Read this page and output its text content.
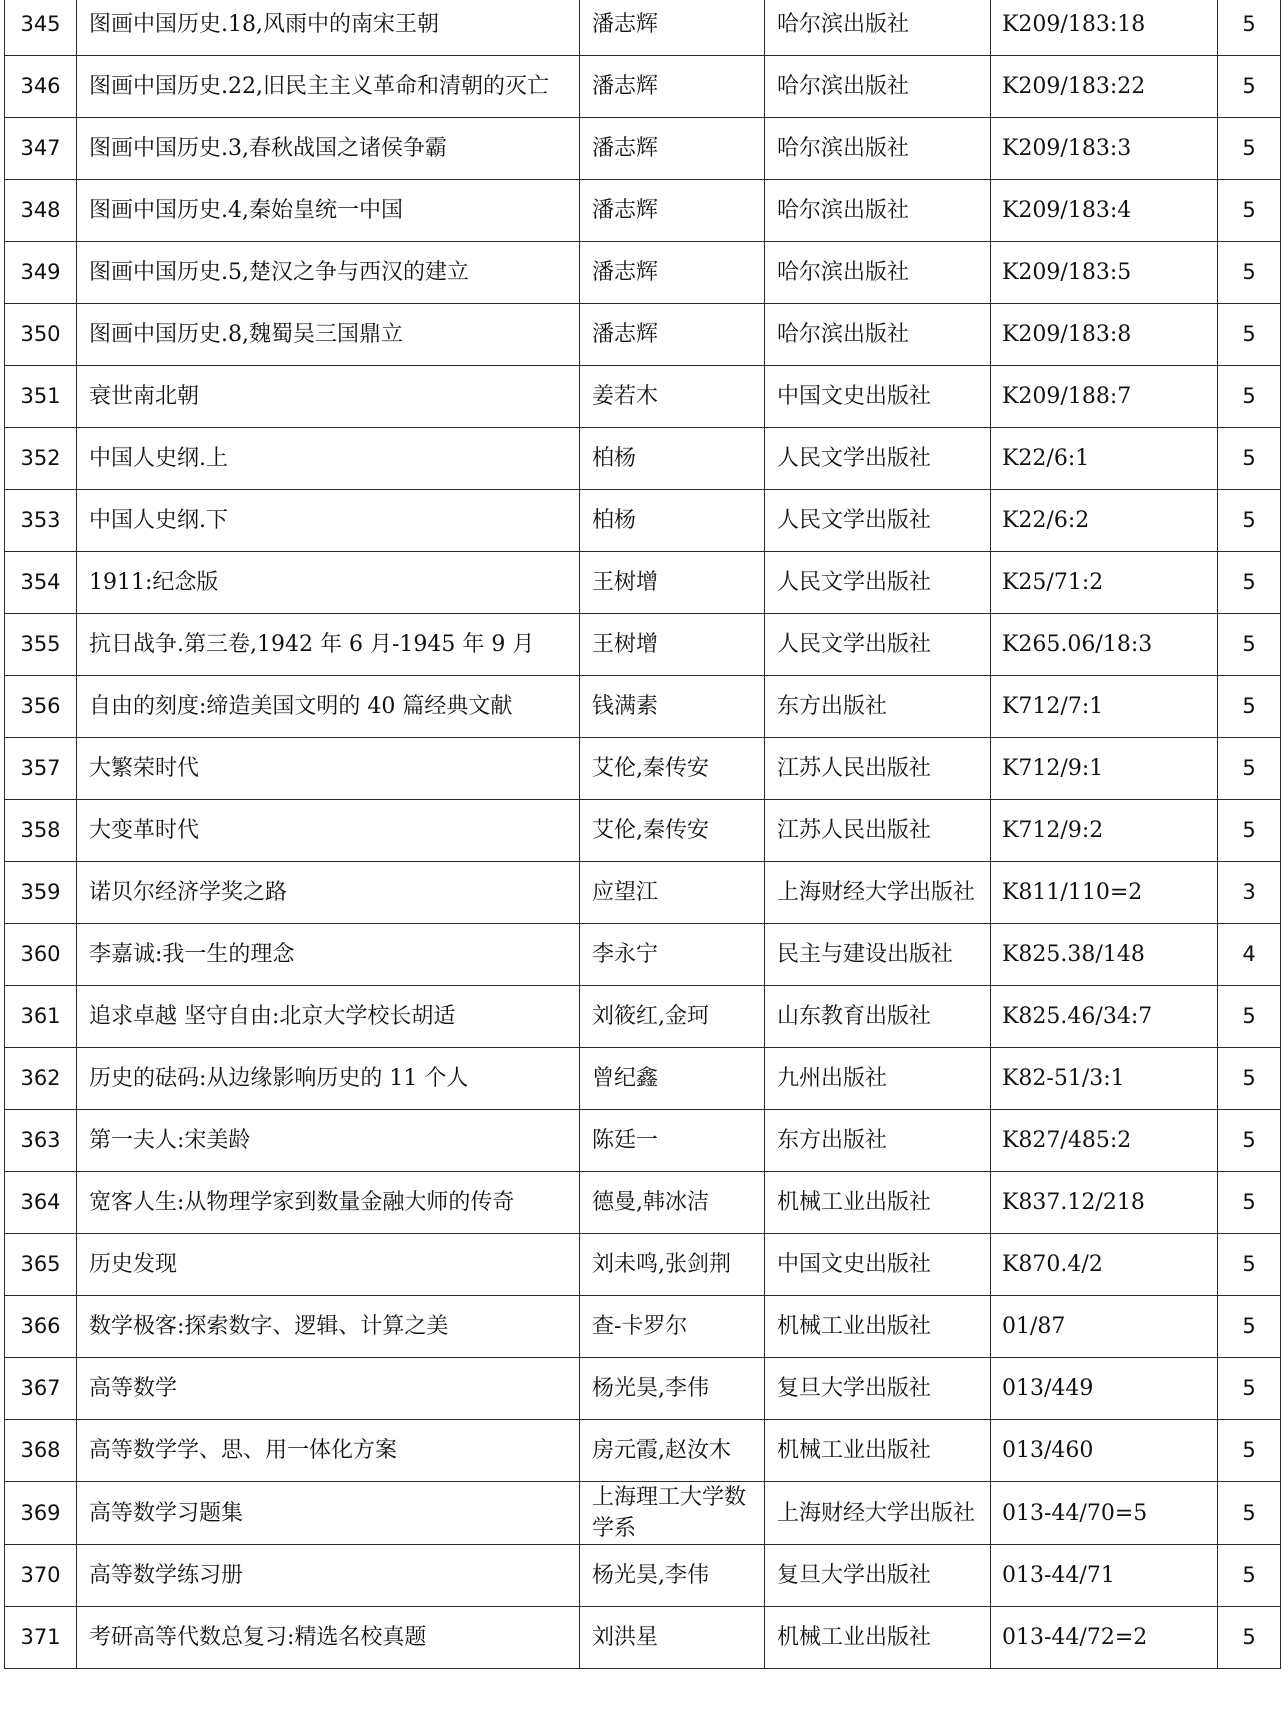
345	图画中国历史.18,风雨中的南宋王朝	潘志辉	哈尔滨出版社	K209/183:18	5
346	图画中国历史.22,旧民主主义革命和清朝的灭亡	潘志辉	哈尔滨出版社	K209/183:22	5
347	图画中国历史.3,春秋战国之诸侯争霸	潘志辉	哈尔滨出版社	K209/183:3	5
348	图画中国历史.4,秦始皇统一中国	潘志辉	哈尔滨出版社	K209/183:4	5
349	图画中国历史.5,楚汉之争与西汉的建立	潘志辉	哈尔滨出版社	K209/183:5	5
350	图画中国历史.8,魏蜀吴三国鼎立	潘志辉	哈尔滨出版社	K209/183:8	5
351	衰世南北朝	姜若木	中国文史出版社	K209/188:7	5
352	中国人史纲.上	柏杨	人民文学出版社	K22/6:1	5
353	中国人史纲.下	柏杨	人民文学出版社	K22/6:2	5
354	1911:纪念版	王树增	人民文学出版社	K25/71:2	5
355	抗日战争.第三卷,1942 年 6 月-1945 年 9 月	王树增	人民文学出版社	K265.06/18:3	5
356	自由的刻度:缔造美国文明的 40 篇经典文献	钱满素	东方出版社	K712/7:1	5
357	大繁荣时代	艾伦,秦传安	江苏人民出版社	K712/9:1	5
358	大变革时代	艾伦,秦传安	江苏人民出版社	K712/9:2	5
359	诺贝尔经济学奖之路	应望江	上海财经大学出版社	K811/110=2	3
360	李嘉诚:我一生的理念	李永宁	民主与建设出版社	K825.38/148	4
361	追求卓越 坚守自由:北京大学校长胡适	刘筱红,金珂	山东教育出版社	K825.46/34:7	5
362	历史的砝码:从边缘影响历史的 11 个人	曾纪鑫	九州出版社	K82-51/3:1	5
363	第一夫人:宋美龄	陈廷一	东方出版社	K827/485:2	5
364	宽客人生:从物理学家到数量金融大师的传奇	德曼,韩冰洁	机械工业出版社	K837.12/218	5
365	历史发现	刘未鸣,张剑荆	中国文史出版社	K870.4/2	5
366	数学极客:探索数字、逻辑、计算之美	查-卡罗尔	机械工业出版社	01/87	5
367	高等数学	杨光昊,李伟	复旦大学出版社	013/449	5
368	高等数学学、思、用一体化方案	房元霞,赵汝木	机械工业出版社	013/460	5
369	高等数学习题集	上海理工大学数学系	上海财经大学出版社	013-44/70=5	5
370	高等数学练习册	杨光昊,李伟	复旦大学出版社	013-44/71	5
371	考研高等代数总复习:精选名校真题	刘洪星	机械工业出版社	013-44/72=2	5
